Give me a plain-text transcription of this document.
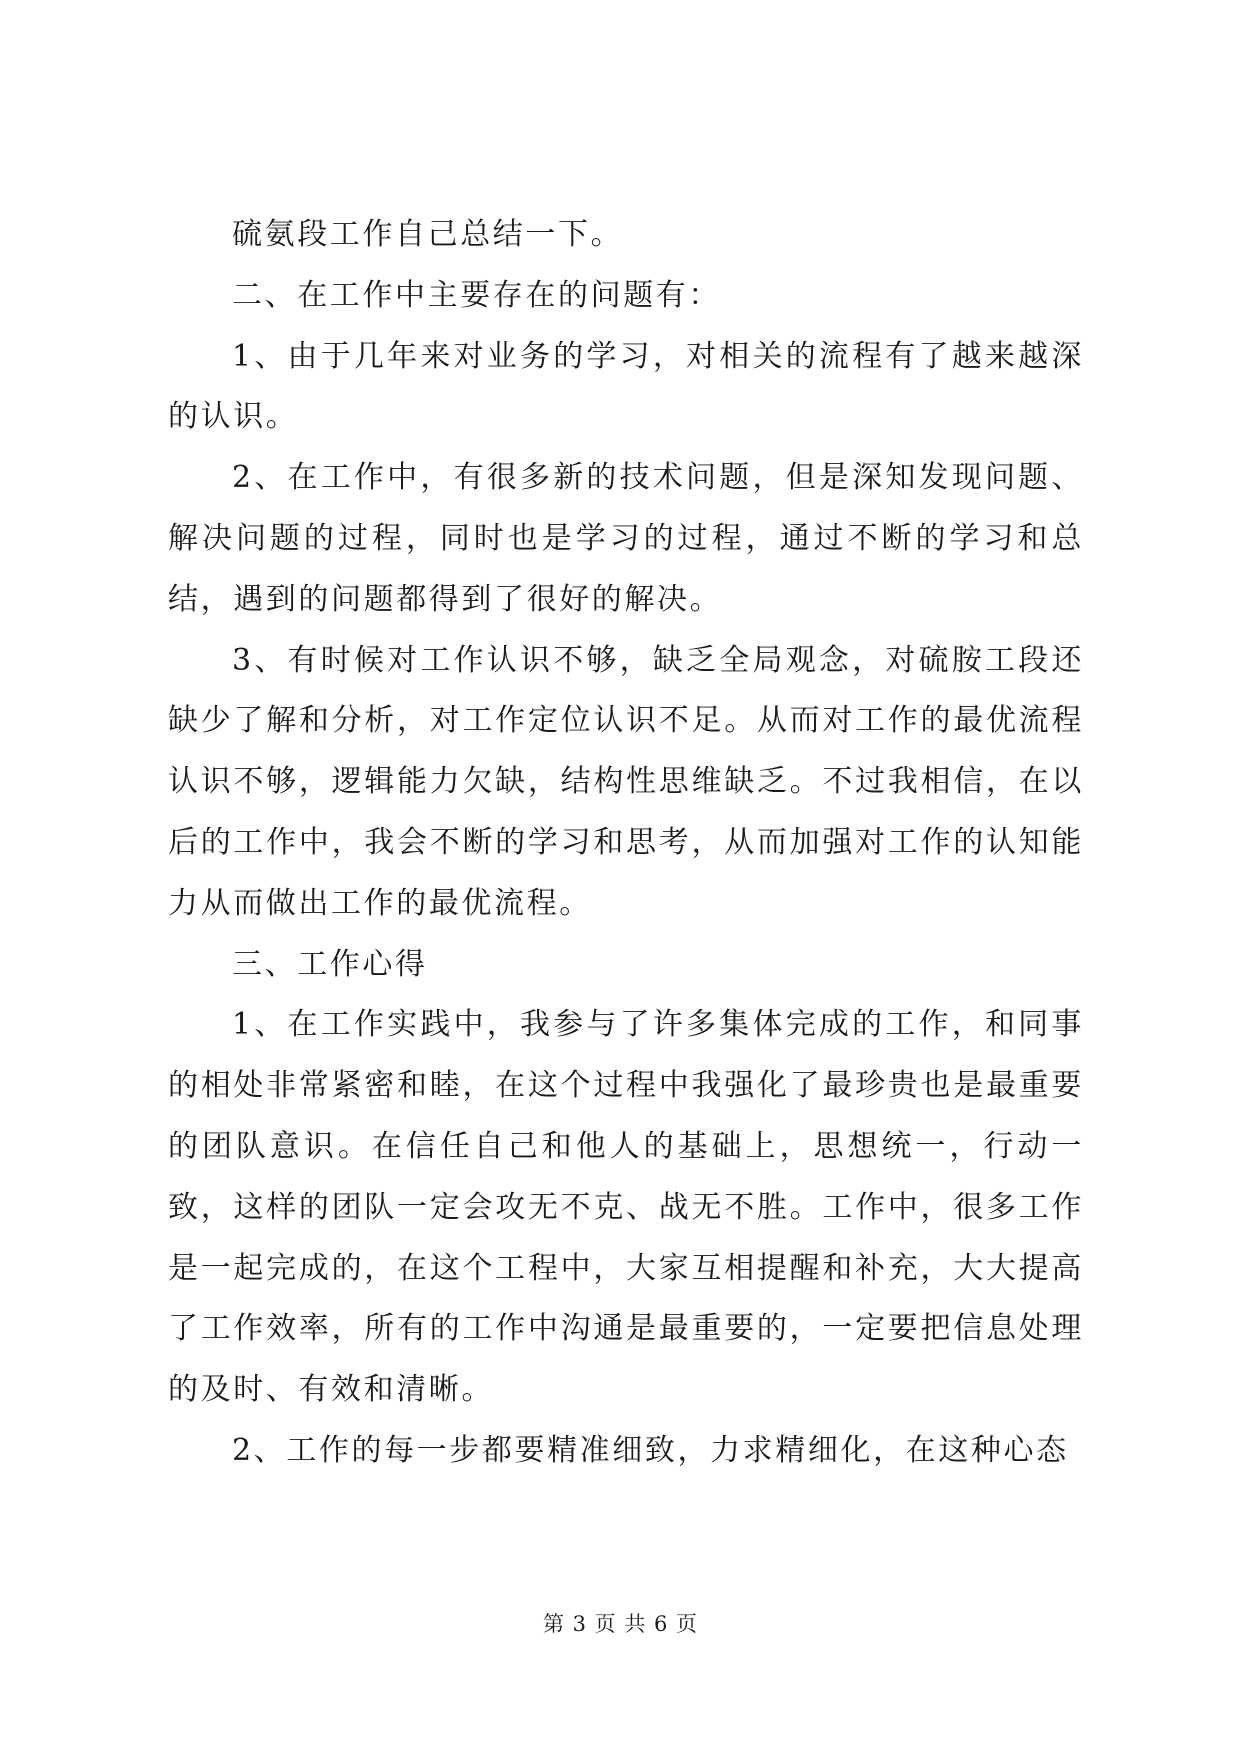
硫氨段工作自己总结一下。

二、在工作中主要存在的问题有：

1、由于几年来对业务的学习，对相关的流程有了越来越深的认识。

2、在工作中，有很多新的技术问题，但是深知发现问题、解决问题的过程，同时也是学习的过程，通过不断的学习和总结，遇到的问题都得到了很好的解决。

3、有时候对工作认识不够，缺乏全局观念，对硫胺工段还缺少了解和分析，对工作定位认识不足。从而对工作的最优流程认识不够，逻辑能力欠缺，结构性思维缺乏。不过我相信，在以后的工作中，我会不断的学习和思考，从而加强对工作的认知能力从而做出工作的最优流程。

三、工作心得

1、在工作实践中，我参与了许多集体完成的工作，和同事的相处非常紧密和睦，在这个过程中我强化了最珍贵也是最重要的团队意识。在信任自己和他人的基础上，思想统一，行动一致，这样的团队一定会攻无不克、战无不胜。工作中，很多工作是一起完成的，在这个工程中，大家互相提醒和补充，大大提高了工作效率，所有的工作中沟通是最重要的，一定要把信息处理的及时、有效和清晰。

2、工作的每一步都要精准细致，力求精细化，在这种心态

第 3 页 共 6 页
